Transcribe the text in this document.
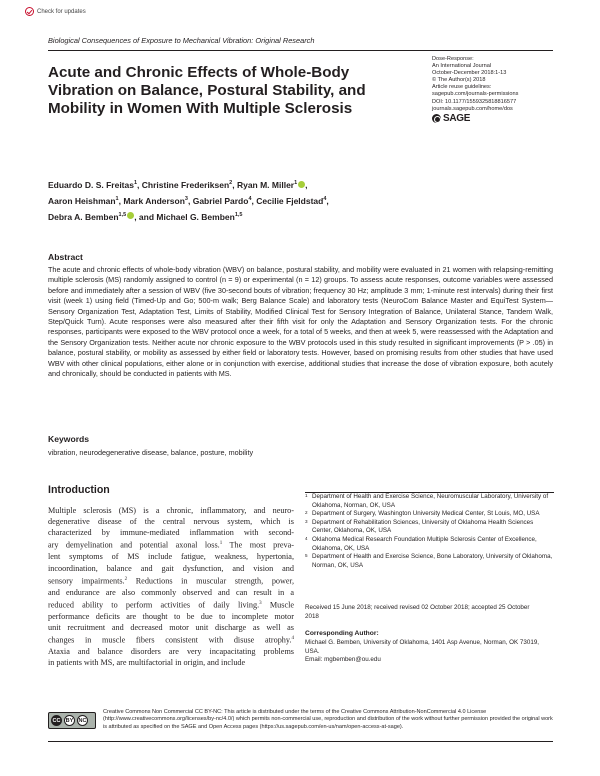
Check for updates
Biological Consequences of Exposure to Mechanical Vibration: Original Research
Acute and Chronic Effects of Whole-Body Vibration on Balance, Postural Stability, and Mobility in Women With Multiple Sclerosis
Dose-Response:
An International Journal
October-December 2018:1-13
© The Author(s) 2018
Article reuse guidelines:
sagepub.com/journals-permissions
DOI: 10.1177/1559325818816577
journals.sagepub.com/home/dos
SAGE
Eduardo D. S. Freitas$^1$, Christine Frederiksen$^2$, Ryan M. Miller$^1$ ,
Aaron Heishman$^1$, Mark Anderson$^3$, Gabriel Pardo$^4$, Cecilie Fjeldstad$^4$,
Debra A. Bemben$^{1,5}$ , and Michael G. Bemben$^{1,5}$
Abstract

The acute and chronic effects of whole-body vibration (WBV) on balance, postural stability, and mobility were evaluated in 21 women with relapsing-remitting multiple sclerosis (MS) randomly assigned to control (n = 9) or experimental (n = 12) groups. To assess acute responses, outcome variables were assessed before and immediately after a session of WBV (five 30-second bouts of vibration; frequency 30 Hz; amplitude 3 mm; 1-minute rest intervals) during their first visit (week 1) using field (Timed-Up and Go; 500-m walk; Berg Balance Scale) and laboratory tests (NeuroCom Balance Master and EquiTest System—Sensory Organization Test, Adaptation Test, Limits of Stability, Modified Clinical Test for Sensory Integration of Balance, Unilateral Stance, Tandem Walk, Step/Quick Turn). Acute responses were also measured after their fifth visit for only the Adaptation and Sensory Organization tests. For the chronic responses, participants were exposed to the WBV protocol once a week, for a total of 5 weeks, and then at week 5, were reassessed with the Adaptation and the Sensory Organization tests. Neither acute nor chronic exposure to the WBV protocols used in this study resulted in significant improvements (P > .05) in balance, postural stability, or mobility as assessed by either field or laboratory tests. However, based on promising results from other studies that have used WBV with other clinical populations, either alone or in conjunction with exercise, additional studies that increase the dose of vibration exposure, both acutely and chronically, should be conducted in patients with MS.

Keywords

vibration, neurodegenerative disease, balance, posture, mobility

Introduction
Multiple sclerosis (MS) is a chronic, inflammatory, and neuro-
degenerative disease of the central nervous system, which is
characterized by immune-mediated inflammation with second-
ary demyelination and potential axonal loss.$^1$ The most preva-
lent symptoms of MS include fatigue, weakness, hypertonia,
incoordination, balance and gait dysfunction, and vision and
sensory impairments.$^2$ Reductions in muscular strength, power,
and endurance are also commonly observed and can result in a
reduced ability to perform activities of daily living.$^3$ Muscle
performance deficits are thought to be due to incomplete motor
unit recruitment and decreased motor unit discharge as well as
changes in muscle fibers consistent with disuse atrophy.$^4$
Ataxia and balance disorders are very incapacitating problems
in patients with MS, are multifactorial in origin, and include
1 Department of Health and Exercise Science, Neuromuscular Laboratory, University of Oklahoma, Norman, OK, USA
2 Department of Surgery, Washington University Medical Center, St Louis, MO, USA
3 Department of Rehabilitation Sciences, University of Oklahoma Health Sciences Center, Oklahoma, OK, USA
4 Oklahoma Medical Research Foundation Multiple Sclerosis Center of Excellence, Oklahoma, OK, USA
5 Department of Health and Exercise Science, Bone Laboratory, University of Oklahoma, Norman, OK, USA
Received 15 June 2018; received revised 02 October 2018; accepted 25 October 2018
Corresponding Author:
Michael G. Bemben, University of Oklahoma, 1401 Asp Avenue, Norman, OK 73019, USA.
Email: mgbemben@ou.edu
CC BY NC

Creative Commons Non Commercial CC BY-NC: This article is distributed under the terms of the Creative Commons Attribution-NonCommercial 4.0 License (http://www.creativecommons.org/licenses/by-nc/4.0/) which permits non-commercial use, reproduction and distribution of the work without further permission provided the original work is attributed as specified on the SAGE and Open Access pages (https://us.sagepub.com/en-us/nam/open-access-at-sage).
